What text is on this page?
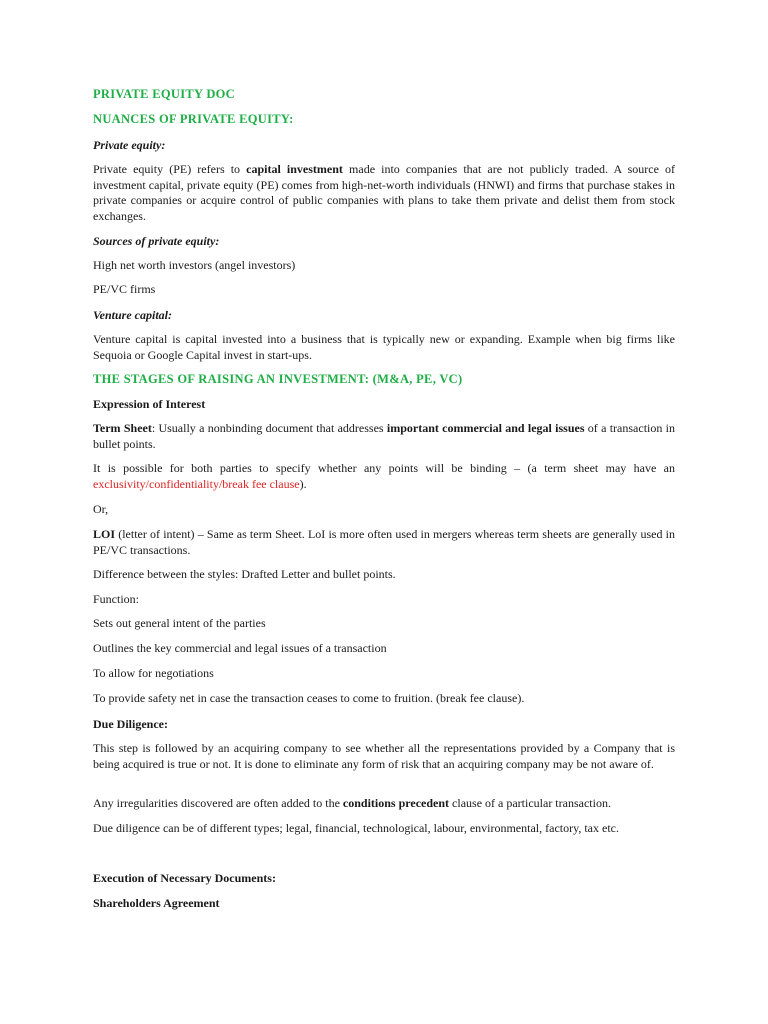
PRIVATE EQUITY DOC

NUANCES OF PRIVATE EQUITY:

Private equity:

Private equity (PE) refers to capital investment made into companies that are not publicly traded. A source of investment capital, private equity (PE) comes from high-net-worth individuals (HNWI) and firms that purchase stakes in private companies or acquire control of public companies with plans to take them private and delist them from stock exchanges.

Sources of private equity:

High net worth investors (angel investors)

PE/VC firms

Venture capital:

Venture capital is capital invested into a business that is typically new or expanding. Example when big firms like Sequoia or Google Capital invest in start-ups.

THE STAGES OF RAISING AN INVESTMENT: (M&A, PE, VC)

Expression of Interest

Term Sheet: Usually a nonbinding document that addresses important commercial and legal issues of a transaction in bullet points.

It is possible for both parties to specify whether any points will be binding – (a term sheet may have an exclusivity/confidentiality/break fee clause).

Or,

LOI (letter of intent) – Same as term Sheet. LoI is more often used in mergers whereas term sheets are generally used in PE/VC transactions.

Difference between the styles: Drafted Letter and bullet points.

Function:

Sets out general intent of the parties

Outlines the key commercial and legal issues of a transaction

To allow for negotiations

To provide safety net in case the transaction ceases to come to fruition. (break fee clause).

Due Diligence:

This step is followed by an acquiring company to see whether all the representations provided by a Company that is being acquired is true or not. It is done to eliminate any form of risk that an acquiring company may be not aware of.

Any irregularities discovered are often added to the conditions precedent clause of a particular transaction.

Due diligence can be of different types; legal, financial, technological, labour, environmental, factory, tax etc.

Execution of Necessary Documents:

Shareholders Agreement
